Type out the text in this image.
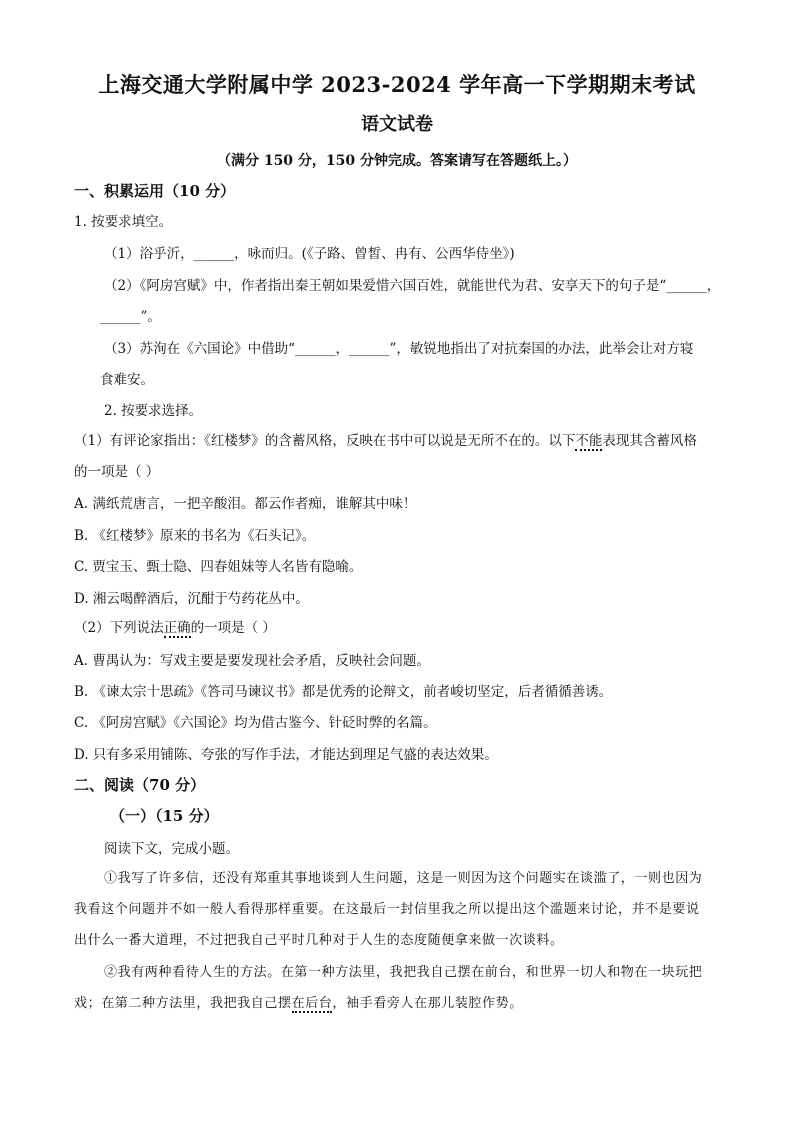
上海交通大学附属中学 2023-2024 学年高一下学期期末考试
语文试卷
（满分 150 分，150 分钟完成。答案请写在答题纸上。）
一、积累运用（10 分）
1. 按要求填空。
（1）浴乎沂，______，咏而归。(《子路、曾皙、冉有、公西华侍坐》)
（2）《阿房宫赋》中，作者指出秦王朝如果爱惜六国百姓，就能世代为君、安享天下的句子是“______，
______”。
（3）苏洵在《六国论》中借助“______，______”，敏锐地指出了对抗秦国的办法，此举会让对方寝
食难安。
2. 按要求选择。
（1）有评论家指出：《红楼梦》的含蓄风格，反映在书中可以说是无所不在的。以下不能表现其含蓄风格
的一项是（ ）
A. 满纸荒唐言，一把辛酸泪。都云作者痴，谁解其中味！
B. 《红楼梦》原来的书名为《石头记》。
C. 贾宝玉、甄士隐、四春姐妹等人名皆有隐喻。
D. 湘云喝醉酒后，沉酣于芍药花丛中。
（2）下列说法正确的一项是（ ）
A. 曹禺认为：写戏主要是要发现社会矛盾，反映社会问题。
B. 《谏太宗十思疏》《答司马谏议书》都是优秀的论辩文，前者峻切坚定，后者循循善诱。
C. 《阿房宫赋》《六国论》均为借古鉴今、针砭时弊的名篇。
D. 只有多采用铺陈、夸张的写作手法，才能达到理足气盛的表达效果。
二、阅读（70 分）
（一）（15 分）
阅读下文，完成小题。
①我写了许多信，还没有郑重其事地谈到人生问题，这是一则因为这个问题实在谈滥了，一则也因为
我看这个问题并不如一般人看得那样重要。在这最后一封信里我之所以提出这个滥题来讨论，并不是要说
出什么一番大道理，不过把我自己平时几种对于人生的态度随便拿来做一次谈料。
②我有两种看待人生的方法。在第一种方法里，我把我自己摆在前台，和世界一切人和物在一块玩把
戏；在第二种方法里，我把我自己摆在后台，袖手看旁人在那儿装腔作势。
